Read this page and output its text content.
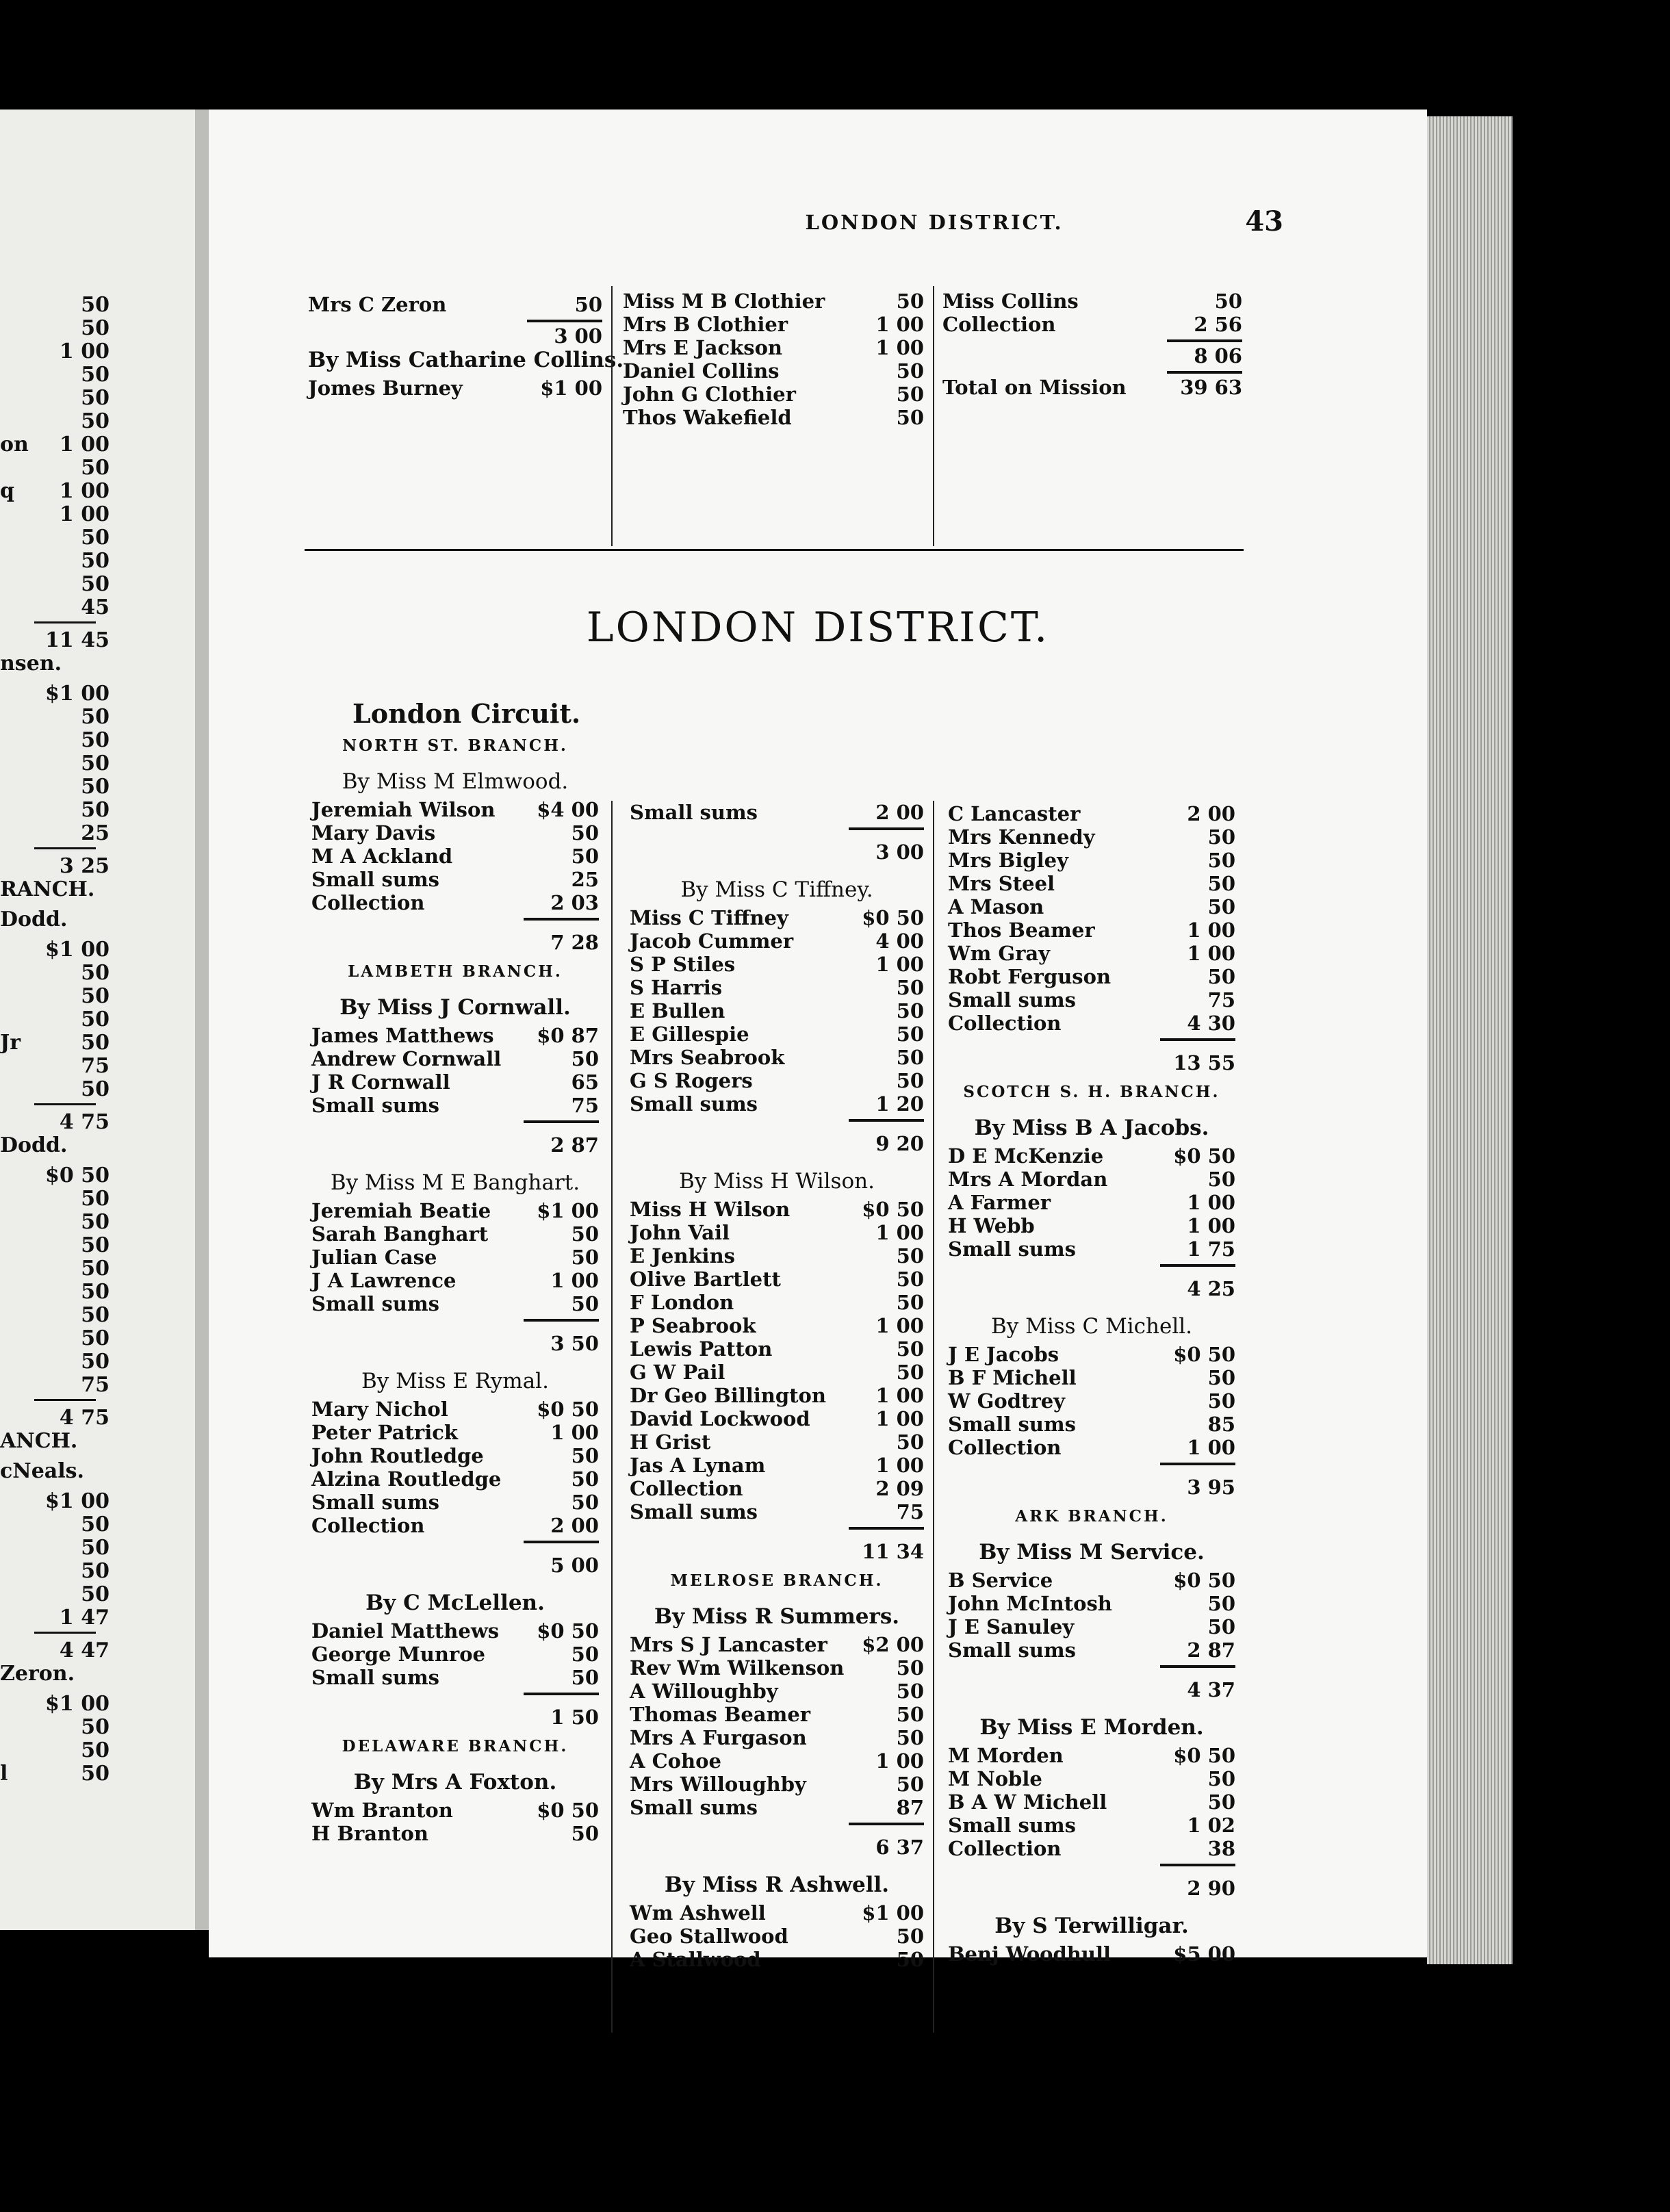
50
50
1 00
50
50
50
on 1 00
50
q 1 00
1 00
50
50
50
45
11 45
nsen.
$1 00
50
50
50
50
50
25
3 25
RANCH.
Dodd.
$1 00
50
50
50
Jr	50
75
50
4 75
Dodd.
$0 50
50
50
50
50
50
50
50
50
75
4 75
ANCH.
cNeals.
$1 00
50
50
50
50
1 47
4 47
Zeron.
$1 00
50
50
l	50
LONDON DISTRICT.	43
Mrs C Zeron	50
3 00
By Miss Catharine Collins.
Jomes Burney	$1 00
Miss M B Clothier	50
Mrs B Clothier	1 00
Mrs E Jackson	1 00
Daniel Collins	50
John G Clothier	50
Thos Wakefield	50
Miss Collins	50
Collection	2 56
8 06
Total on Mission	39 63
LONDON DISTRICT.
London Circuit.
NORTH ST. BRANCH.
By Miss M Elmwood.
Jeremiah Wilson $4 00
Mary Davis	50
M A Ackland	50
Small sums	25
Collection	2 03
7 28
LAMBETH BRANCH.
By Miss J Cornwall.
James Matthews $0 87
Andrew Cornwall	50
J R Cornwall	65
Small sums	75
2 87
By Miss M E Banghart.
Jeremiah Beatie $1 00
Sarah Banghart	50
Julian Case	50
J A Lawrence	1 00
Small sums	50
3 50
By Miss E Rymal.
Mary Nichol	$0 50
Peter Patrick	1 00
John Routledge	50
Alzina Routledge	50
Small sums	50
Collection	2 00
5 00
By C McLellen.
Daniel Matthews $0 50
George Munroe	50
Small sums	50
1 50
DELAWARE BRANCH.
By Mrs A Foxton.
Wm Branton	$0 50
H Branton	50
Small sums	2 00
3 00
By Miss C Tiffney.
Miss C Tiffney	$0 50
Jacob Cummer	4 00
S P Stiles	1 00
S Harris	50
E Bullen	50
E Gillespie	50
Mrs Seabrook	50
G S Rogers	50
Small sums	1 20
9 20
By Miss H Wilson.
Miss H Wilson	$0 50
John Vail	1 00
E Jenkins	50
Olive Bartlett	50
F London	50
P Seabrook	1 00
Lewis Patton	50
G W Pail	50
Dr Geo Billington 1 00
David Lockwood	1 00
H Grist	50
Jas A Lynam	1 00
Collection	2 09
Small sums	75
11 34
MELROSE BRANCH.
By Miss R Summers.
Mrs S J Lancaster $2 00
Rev Wm Wilkenson	50
A Willoughby	50
Thomas Beamer	50
Mrs A Furgason	50
A Cohoe	1 00
Mrs Willoughby	50
Small sums	87
6 37
By Miss R Ashwell.
Wm Ashwell	$1 00
Geo Stallwood	50
A Stallwood	50
C Lancaster	2 00
Mrs Kennedy	50
Mrs Bigley	50
Mrs Steel	50
A Mason	50
Thos Beamer	1 00
Wm Gray	1 00
Robt Ferguson	50
Small sums	75
Collection	4 30
13 55
SCOTCH S. H. BRANCH.
By Miss B A Jacobs.
D E McKenzie	$0 50
Mrs A Mordan	50
A Farmer	1 00
H Webb	1 00
Small sums	1 75
4 25
By Miss C Michell.
J E Jacobs	$0 50
B F Michell	50
W Godtrey	50
Small sums	85
Collection	1 00
3 95
ARK BRANCH.
By Miss M Service.
B Service	$0 50
John McIntosh	50
J E Sanuley	50
Small sums	2 87
4 37
By Miss E Morden.
M Morden	$0 50
M Noble	50
B A W Michell	50
Small sums	1 02
Collection	38
2 90
By S Terwilligar.
Benj Woodhull	$5 00
